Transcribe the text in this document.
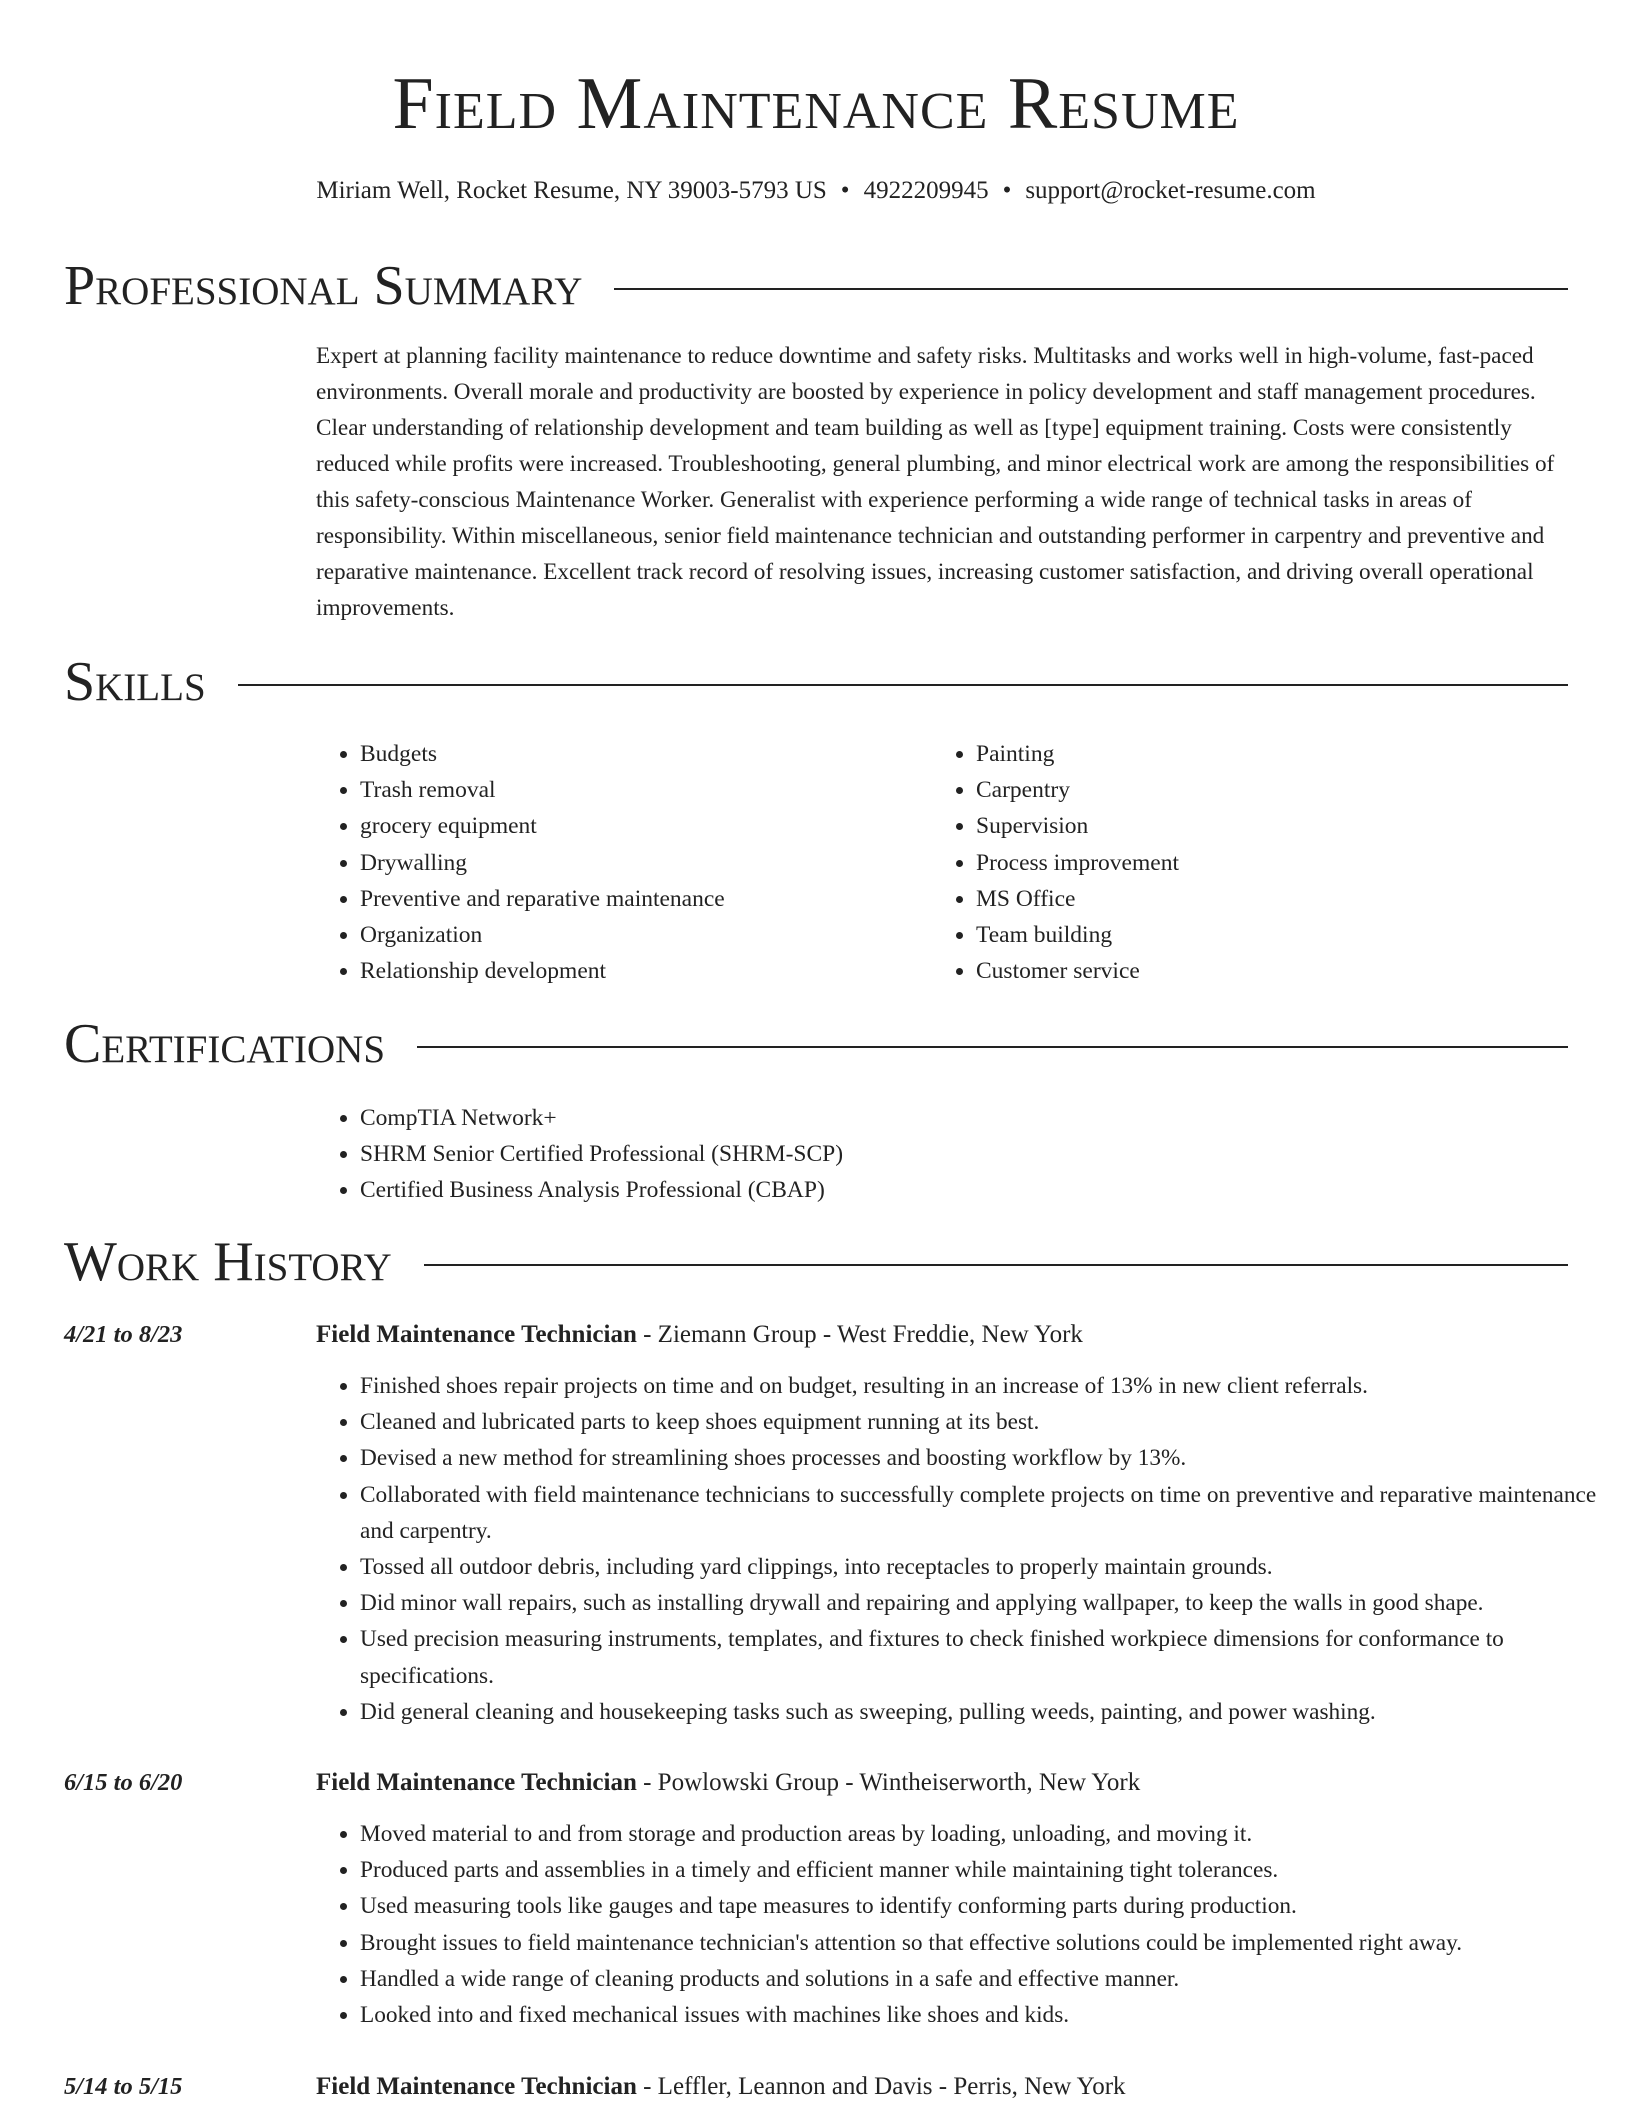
Field Maintenance Resume
Miriam Well, Rocket Resume, NY 39003-5793 US • 4922209945 • support@rocket-resume.com
Professional Summary

Expert at planning facility maintenance to reduce downtime and safety risks. Multitasks and works well in high-volume, fast-paced environments. Overall morale and productivity are boosted by experience in policy development and staff management procedures. Clear understanding of relationship development and team building as well as [type] equipment training. Costs were consistently reduced while profits were increased. Troubleshooting, general plumbing, and minor electrical work are among the responsibilities of this safety-conscious Maintenance Worker. Generalist with experience performing a wide range of technical tasks in areas of responsibility. Within miscellaneous, senior field maintenance technician and outstanding performer in carpentry and preventive and reparative maintenance. Excellent track record of resolving issues, increasing customer satisfaction, and driving overall operational improvements.

Skills
• Budgets
• Trash removal
• grocery equipment
• Drywalling
• Preventive and reparative maintenance
• Organization
• Relationship development
• Painting
• Carpentry
• Supervision
• Process improvement
• MS Office
• Team building
• Customer service
Certifications
• CompTIA Network+
• SHRM Senior Certified Professional (SHRM-SCP)
• Certified Business Analysis Professional (CBAP)
Work History
4/21 to 8/23	Field Maintenance Technician - Ziemann Group - West Freddie, New York
• Finished shoes repair projects on time and on budget, resulting in an increase of 13% in new client referrals.
• Cleaned and lubricated parts to keep shoes equipment running at its best.
• Devised a new method for streamlining shoes processes and boosting workflow by 13%.
• Collaborated with field maintenance technicians to successfully complete projects on time on preventive and reparative maintenance and carpentry.
• Tossed all outdoor debris, including yard clippings, into receptacles to properly maintain grounds.
• Did minor wall repairs, such as installing drywall and repairing and applying wallpaper, to keep the walls in good shape.
• Used precision measuring instruments, templates, and fixtures to check finished workpiece dimensions for conformance to specifications.
• Did general cleaning and housekeeping tasks such as sweeping, pulling weeds, painting, and power washing.
6/15 to 6/20	Field Maintenance Technician - Powlowski Group - Wintheiserworth, New York
• Moved material to and from storage and production areas by loading, unloading, and moving it.
• Produced parts and assemblies in a timely and efficient manner while maintaining tight tolerances.
• Used measuring tools like gauges and tape measures to identify conforming parts during production.
• Brought issues to field maintenance technician's attention so that effective solutions could be implemented right away.
• Handled a wide range of cleaning products and solutions in a safe and effective manner.
• Looked into and fixed mechanical issues with machines like shoes and kids.
5/14 to 5/15	Field Maintenance Technician - Leffler, Leannon and Davis - Perris, New York
